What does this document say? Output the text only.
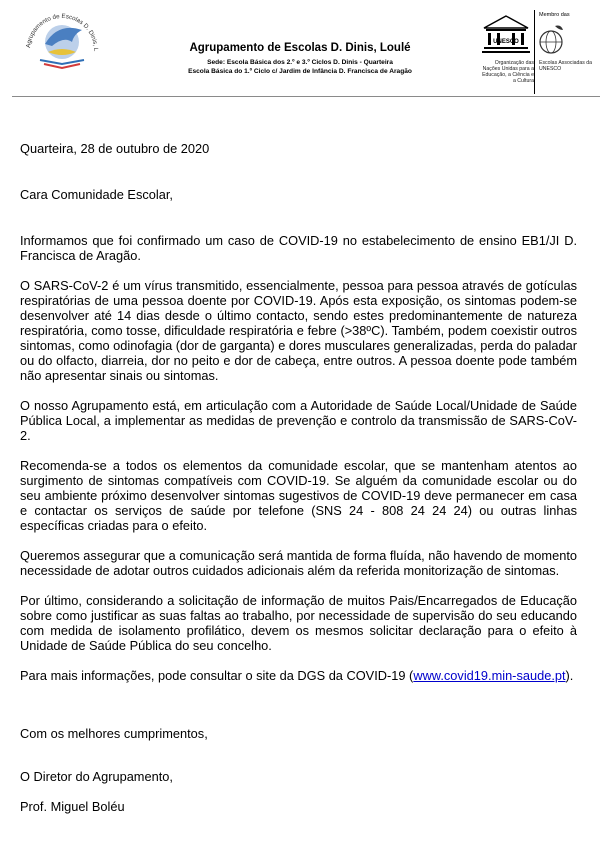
Agrupamento de Escolas D. Dinis, L	Agrupamento de Escolas D. Dinis, Loulé
Sede: Escola Básica dos 2.º e 3.º Ciclos D. Dinis - Quarteira
Escola Básica do 1.º Ciclo c/ Jardim de Infância D. Francisca de Aragão
UNESCO
Organização das Nações Unidas para a Educação, a Ciência e a Cultura
Membro das
Escolas Associadas da UNESCO

Quarteira, 28 de outubro de 2020

Cara Comunidade Escolar,

Informamos que foi confirmado um caso de COVID-19 no estabelecimento de ensino EB1/JI D. Francisca de Aragão.

O SARS-CoV-2 é um vírus transmitido, essencialmente, pessoa para pessoa através de gotículas respiratórias de uma pessoa doente por COVID-19. Após esta exposição, os sintomas podem-se desenvolver até 14 dias desde o último contacto, sendo estes predominantemente de natureza respiratória, como tosse, dificuldade respiratória e febre (>38ºC). Também, podem coexistir outros sintomas, como odinofagia (dor de garganta) e dores musculares generalizadas, perda do paladar ou do olfacto, diarreia, dor no peito e dor de cabeça, entre outros. A pessoa doente pode também não apresentar sinais ou sintomas.

O nosso Agrupamento está, em articulação com a Autoridade de Saúde Local/Unidade de Saúde Pública Local, a implementar as medidas de prevenção e controlo da transmissão de SARS-CoV-2.

Recomenda-se a todos os elementos da comunidade escolar, que se mantenham atentos ao surgimento de sintomas compatíveis com COVID-19. Se alguém da comunidade escolar ou do seu ambiente próximo desenvolver sintomas sugestivos de COVID-19 deve permanecer em casa e contactar os serviços de saúde por telefone (SNS 24 - 808 24 24 24) ou outras linhas específicas criadas para o efeito.

Queremos assegurar que a comunicação será mantida de forma fluída, não havendo de momento necessidade de adotar outros cuidados adicionais além da referida monitorização de sintomas.

Por último, considerando a solicitação de informação de muitos Pais/Encarregados de Educação sobre como justificar as suas faltas ao trabalho, por necessidade de supervisão do seu educando com medida de isolamento profilático, devem os mesmos solicitar declaração para o efeito à Unidade de Saúde Pública do seu concelho.

Para mais informações, pode consultar o site da DGS da COVID-19 (www.covid19.min-saude.pt).

Com os melhores cumprimentos,

O Diretor do Agrupamento,

Prof. Miguel Boléu
